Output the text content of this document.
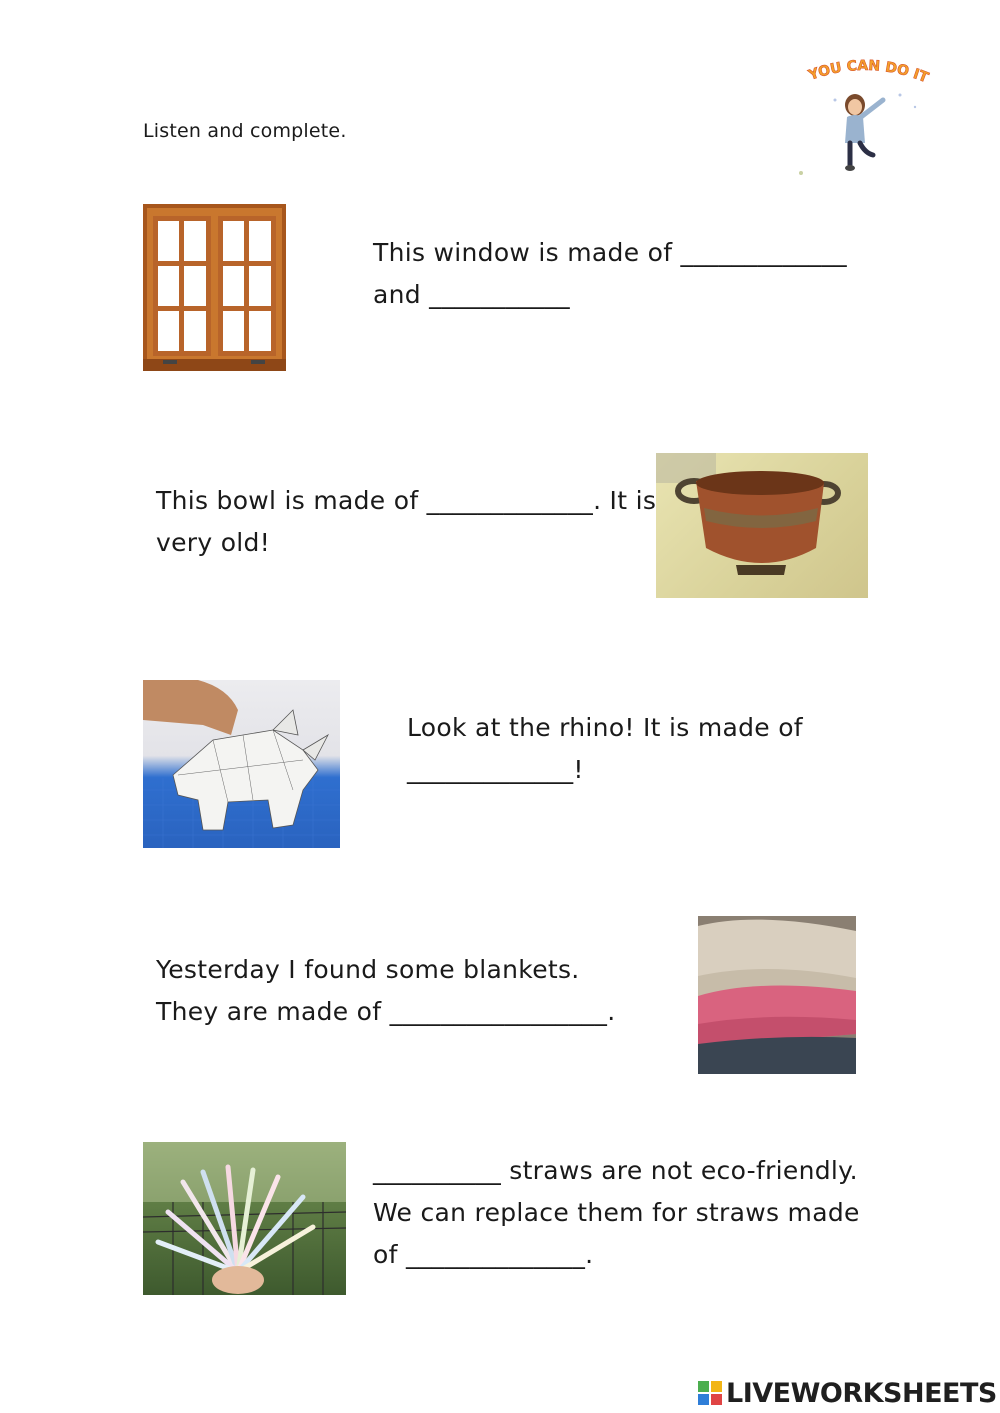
Listen and complete.
YOU CAN DO IT
This window is made of _____________
and ___________
This bowl is made of _____________. It is
very old!
Look at the rhino! It is made of
_____________!
Yesterday I found some blankets.
They are made of _________________.
__________ straws are not eco-friendly.
We can replace them for straws made
of ______________.
LIVEWORKSHEETS
